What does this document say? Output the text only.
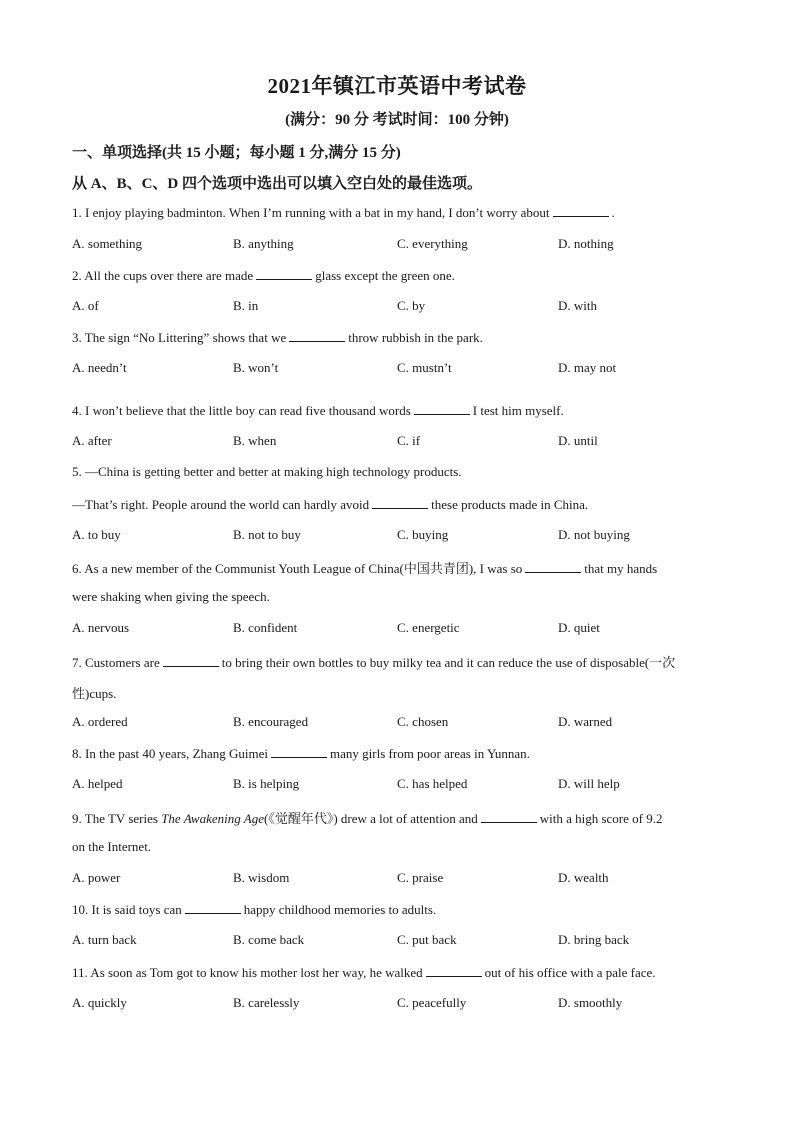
2021年镇江市英语中考试卷
(满分：90 分 考试时间：100 分钟)
一、单项选择(共 15 小题；每小题 1 分,满分 15 分)
从 A、B、C、D 四个选项中选出可以填入空白处的最佳选项。
1. I enjoy playing badminton. When I’m running with a bat in my hand, I don’t worry about	.
A. something	B. anything	C. everything	D. nothing
2. All the cups over there are made	glass except the green one.
A. of	B. in	C. by	D. with
3. The sign “No Littering” shows that we	throw rubbish in the park.
A. needn’t	B. won’t	C. mustn’t	D. may not
4. I won’t believe that the little boy can read five thousand words	I test him myself.
A. after	B. when	C. if	D. until
5. —China is getting better and better at making high technology products.
—That’s right. People around the world can hardly avoid	these products made in China.
A. to buy	B. not to buy	C. buying	D. not buying
6. As a new member of the Communist Youth League of China(中国共青团), I was so	that my hands
were shaking when giving the speech.
A. nervous	B. confident	C. energetic	D. quiet
7. Customers are	to bring their own bottles to buy milky tea and it can reduce the use of disposable(一次
性)cups.
A. ordered	B. encouraged	C. chosen	D. warned
8. In the past 40 years, Zhang Guimei	many girls from poor areas in Yunnan.
A. helped	B. is helping	C. has helped	D. will help
9. The TV series The Awakening Age(《觉醒年代》) drew a lot of attention and	with a high score of 9.2
on the Internet.
A. power	B. wisdom	C. praise	D. wealth
10. It is said toys can	happy childhood memories to adults.
A. turn back	B. come back	C. put back	D. bring back
11. As soon as Tom got to know his mother lost her way, he walked	out of his office with a pale face.
A. quickly	B. carelessly	C. peacefully	D. smoothly
